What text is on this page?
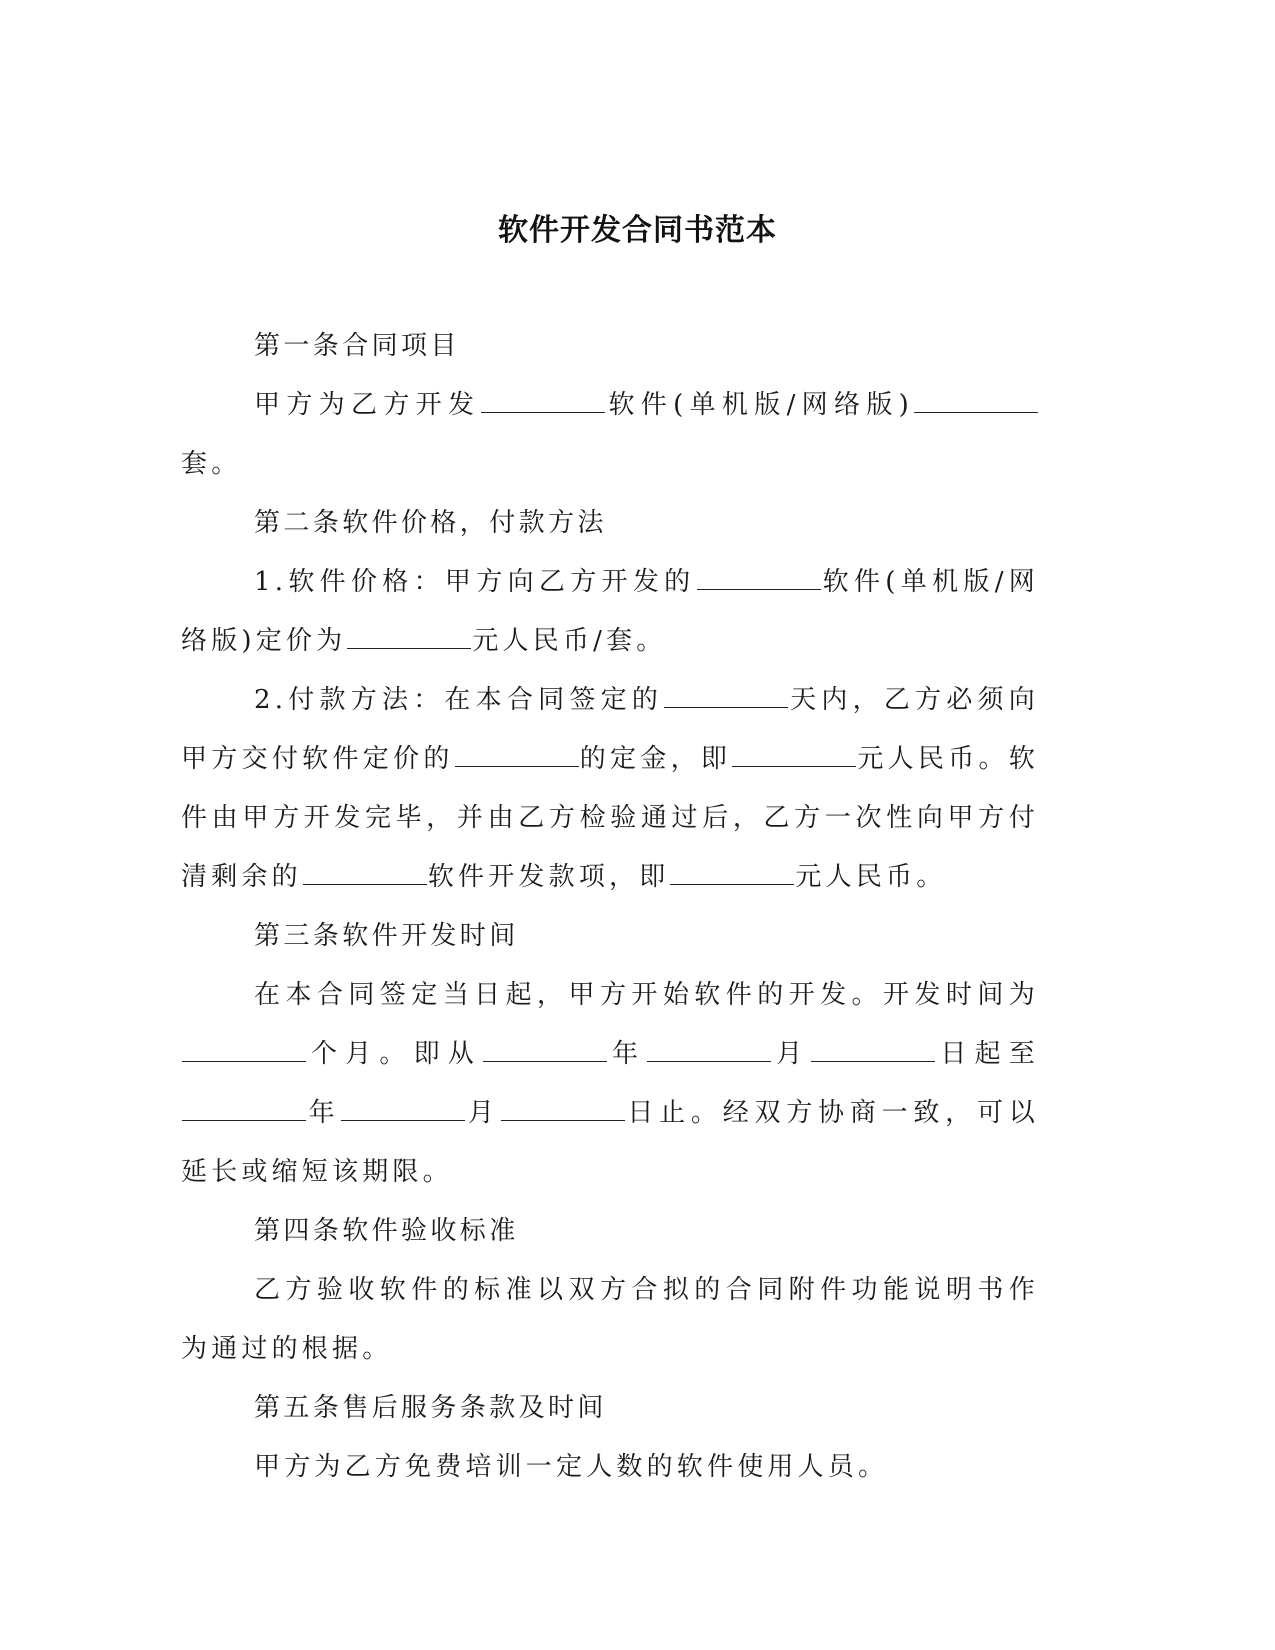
软件开发合同书范本

第一条合同项目

甲方为乙方开发	软件(单机版/网络版)套。

第二条软件价格，付款方法

1.软件价格：甲方向乙方开发的	软件(单机版/网络版)定价为	元人民币/套。

2.付款方法：在本合同签定的	天内，乙方必须向甲方交付软件定价的	的定金，即	元人民币。软件由甲方开发完毕，并由乙方检验通过后，乙方一次性向甲方付清剩余的	软件开发款项，即	元人民币。

第三条软件开发时间

在本合同签定当日起，甲方开始软件的开发。开发时间为个月。即从	年	月	日起至年	月	日止。经双方协商一致，可以延长或缩短该期限。

第四条软件验收标准

乙方验收软件的标准以双方合拟的合同附件功能说明书作为通过的根据。

第五条售后服务条款及时间

甲方为乙方免费培训一定人数的软件使用人员。
